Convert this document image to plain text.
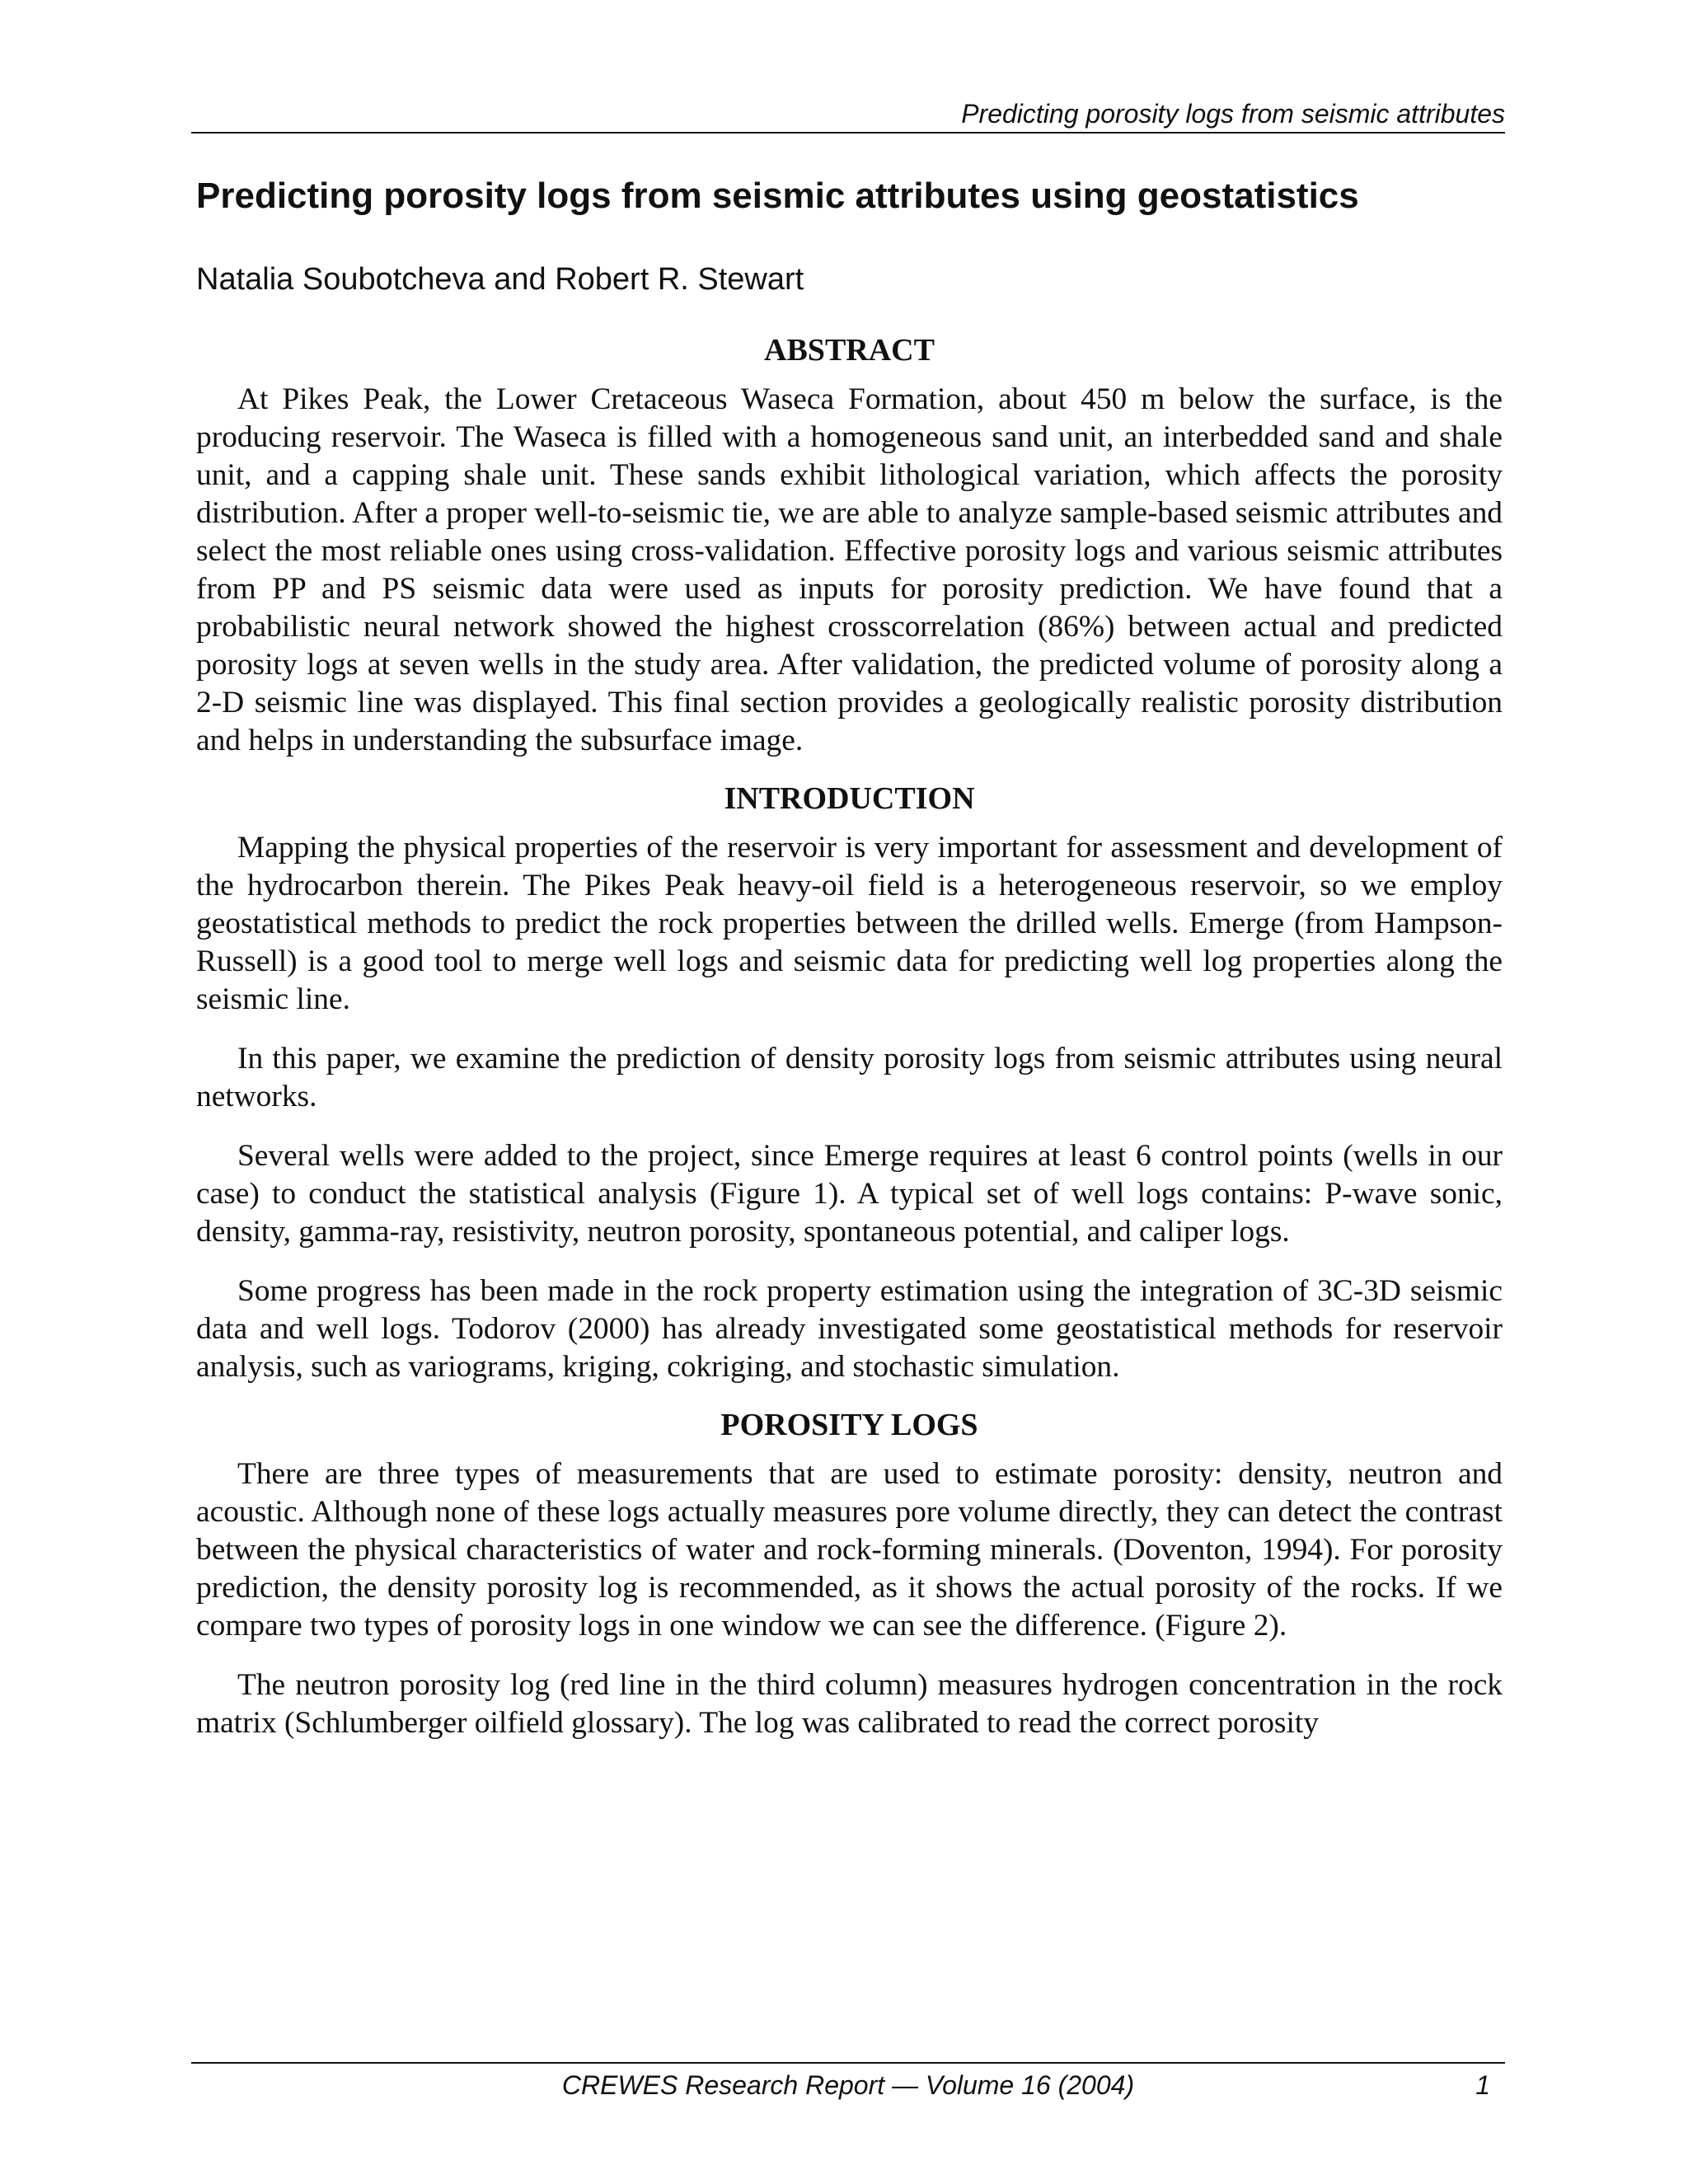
Predicting porosity logs from seismic attributes
Predicting porosity logs from seismic attributes using geostatistics
Natalia Soubotcheva and Robert R. Stewart
ABSTRACT

At Pikes Peak, the Lower Cretaceous Waseca Formation, about 450 m below the surface, is the producing reservoir. The Waseca is filled with a homogeneous sand unit, an interbedded sand and shale unit, and a capping shale unit. These sands exhibit lithological variation, which affects the porosity distribution. After a proper well-to-seismic tie, we are able to analyze sample-based seismic attributes and select the most reliable ones using cross-validation. Effective porosity logs and various seismic attributes from PP and PS seismic data were used as inputs for porosity prediction. We have found that a probabilistic neural network showed the highest crosscorrelation (86%) between actual and predicted porosity logs at seven wells in the study area. After validation, the predicted volume of porosity along a 2-D seismic line was displayed. This final section provides a geologically realistic porosity distribution and helps in understanding the subsurface image.

INTRODUCTION

Mapping the physical properties of the reservoir is very important for assessment and development of the hydrocarbon therein. The Pikes Peak heavy-oil field is a heterogeneous reservoir, so we employ geostatistical methods to predict the rock properties between the drilled wells. Emerge (from Hampson-Russell) is a good tool to merge well logs and seismic data for predicting well log properties along the seismic line.

In this paper, we examine the prediction of density porosity logs from seismic attributes using neural networks.

Several wells were added to the project, since Emerge requires at least 6 control points (wells in our case) to conduct the statistical analysis (Figure 1). A typical set of well logs contains: P-wave sonic, density, gamma-ray, resistivity, neutron porosity, spontaneous potential, and caliper logs.

Some progress has been made in the rock property estimation using the integration of 3C-3D seismic data and well logs. Todorov (2000) has already investigated some geostatistical methods for reservoir analysis, such as variograms, kriging, cokriging, and stochastic simulation.

POROSITY LOGS

There are three types of measurements that are used to estimate porosity: density, neutron and acoustic. Although none of these logs actually measures pore volume directly, they can detect the contrast between the physical characteristics of water and rock-forming minerals. (Doventon, 1994). For porosity prediction, the density porosity log is recommended, as it shows the actual porosity of the rocks. If we compare two types of porosity logs in one window we can see the difference. (Figure 2).

The neutron porosity log (red line in the third column) measures hydrogen concentration in the rock matrix (Schlumberger oilfield glossary). The log was calibrated to read the correct porosity

CREWES Research Report — Volume 16 (2004)	1
